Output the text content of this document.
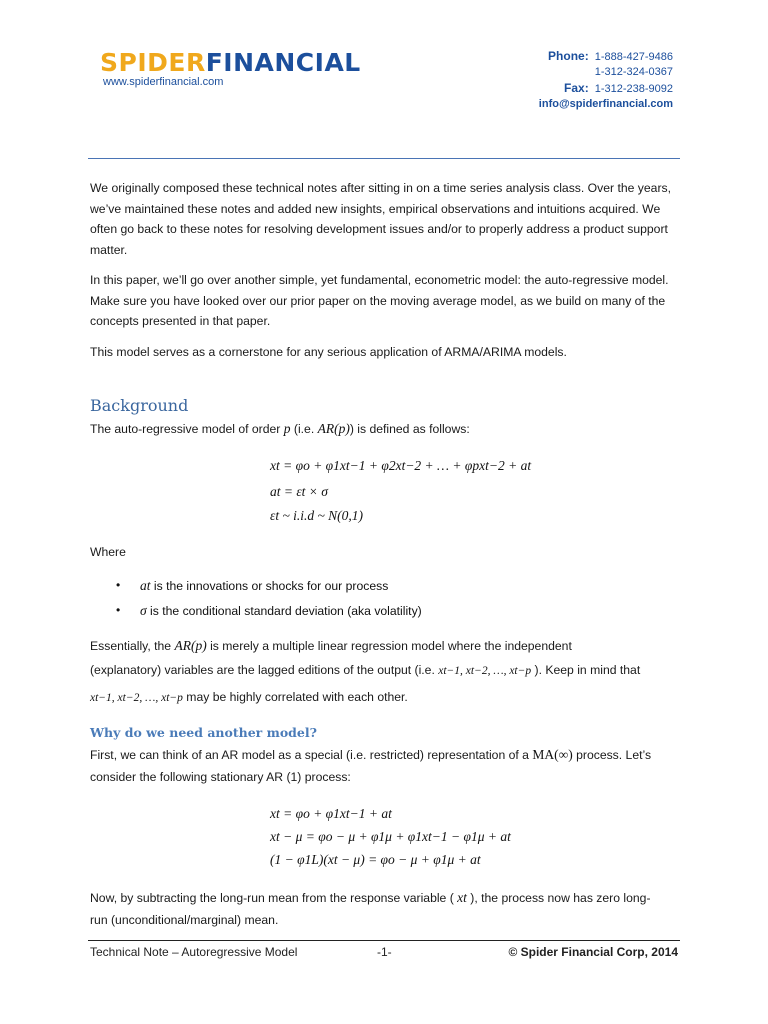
SPIDERFINANCIAL
www.spiderfinancial.com
Phone: 1-888-427-9486
1-312-324-0367
Fax: 1-312-238-9092
info@spiderfinancial.com
We originally composed these technical notes after sitting in on a time series analysis class. Over the years, we’ve maintained these notes and added new insights, empirical observations and intuitions acquired. We often go back to these notes for resolving development issues and/or to properly address a product support matter.
In this paper, we’ll go over another simple, yet fundamental, econometric model: the auto-regressive model. Make sure you have looked over our prior paper on the moving average model, as we build on many of the concepts presented in that paper.
This model serves as a cornerstone for any serious application of ARMA/ARIMA models.
Background
The auto-regressive model of order p (i.e. AR(p)) is defined as follows:
xt = φo + φ1xt−1 + φ2xt−2 + … + φpxt−2 + at
at = εt × σ
εt ~ i.i.d ~ N(0,1)
Where
• at is the innovations or shocks for our process
• σ is the conditional standard deviation (aka volatility)
Essentially, the AR(p) is merely a multiple linear regression model where the independent
(explanatory) variables are the lagged editions of the output (i.e. xt−1, xt−2, …, xt−p ). Keep in mind that
xt−1, xt−2, …, xt−p may be highly correlated with each other.
Why do we need another model?
First, we can think of an AR model as a special (i.e. restricted) representation of a MA(∞) process. Let’s
consider the following stationary AR (1) process:
xt = φo + φ1xt−1 + at
xt − μ = φo − μ + φ1μ + φ1xt−1 − φ1μ + at
(1 − φ1L)(xt − μ) = φo − μ + φ1μ + at
Now, by subtracting the long-run mean from the response variable ( xt ), the process now has zero long-
run (unconditional/marginal) mean.
Technical Note – Autoregressive Model	-1-	© Spider Financial Corp, 2014
